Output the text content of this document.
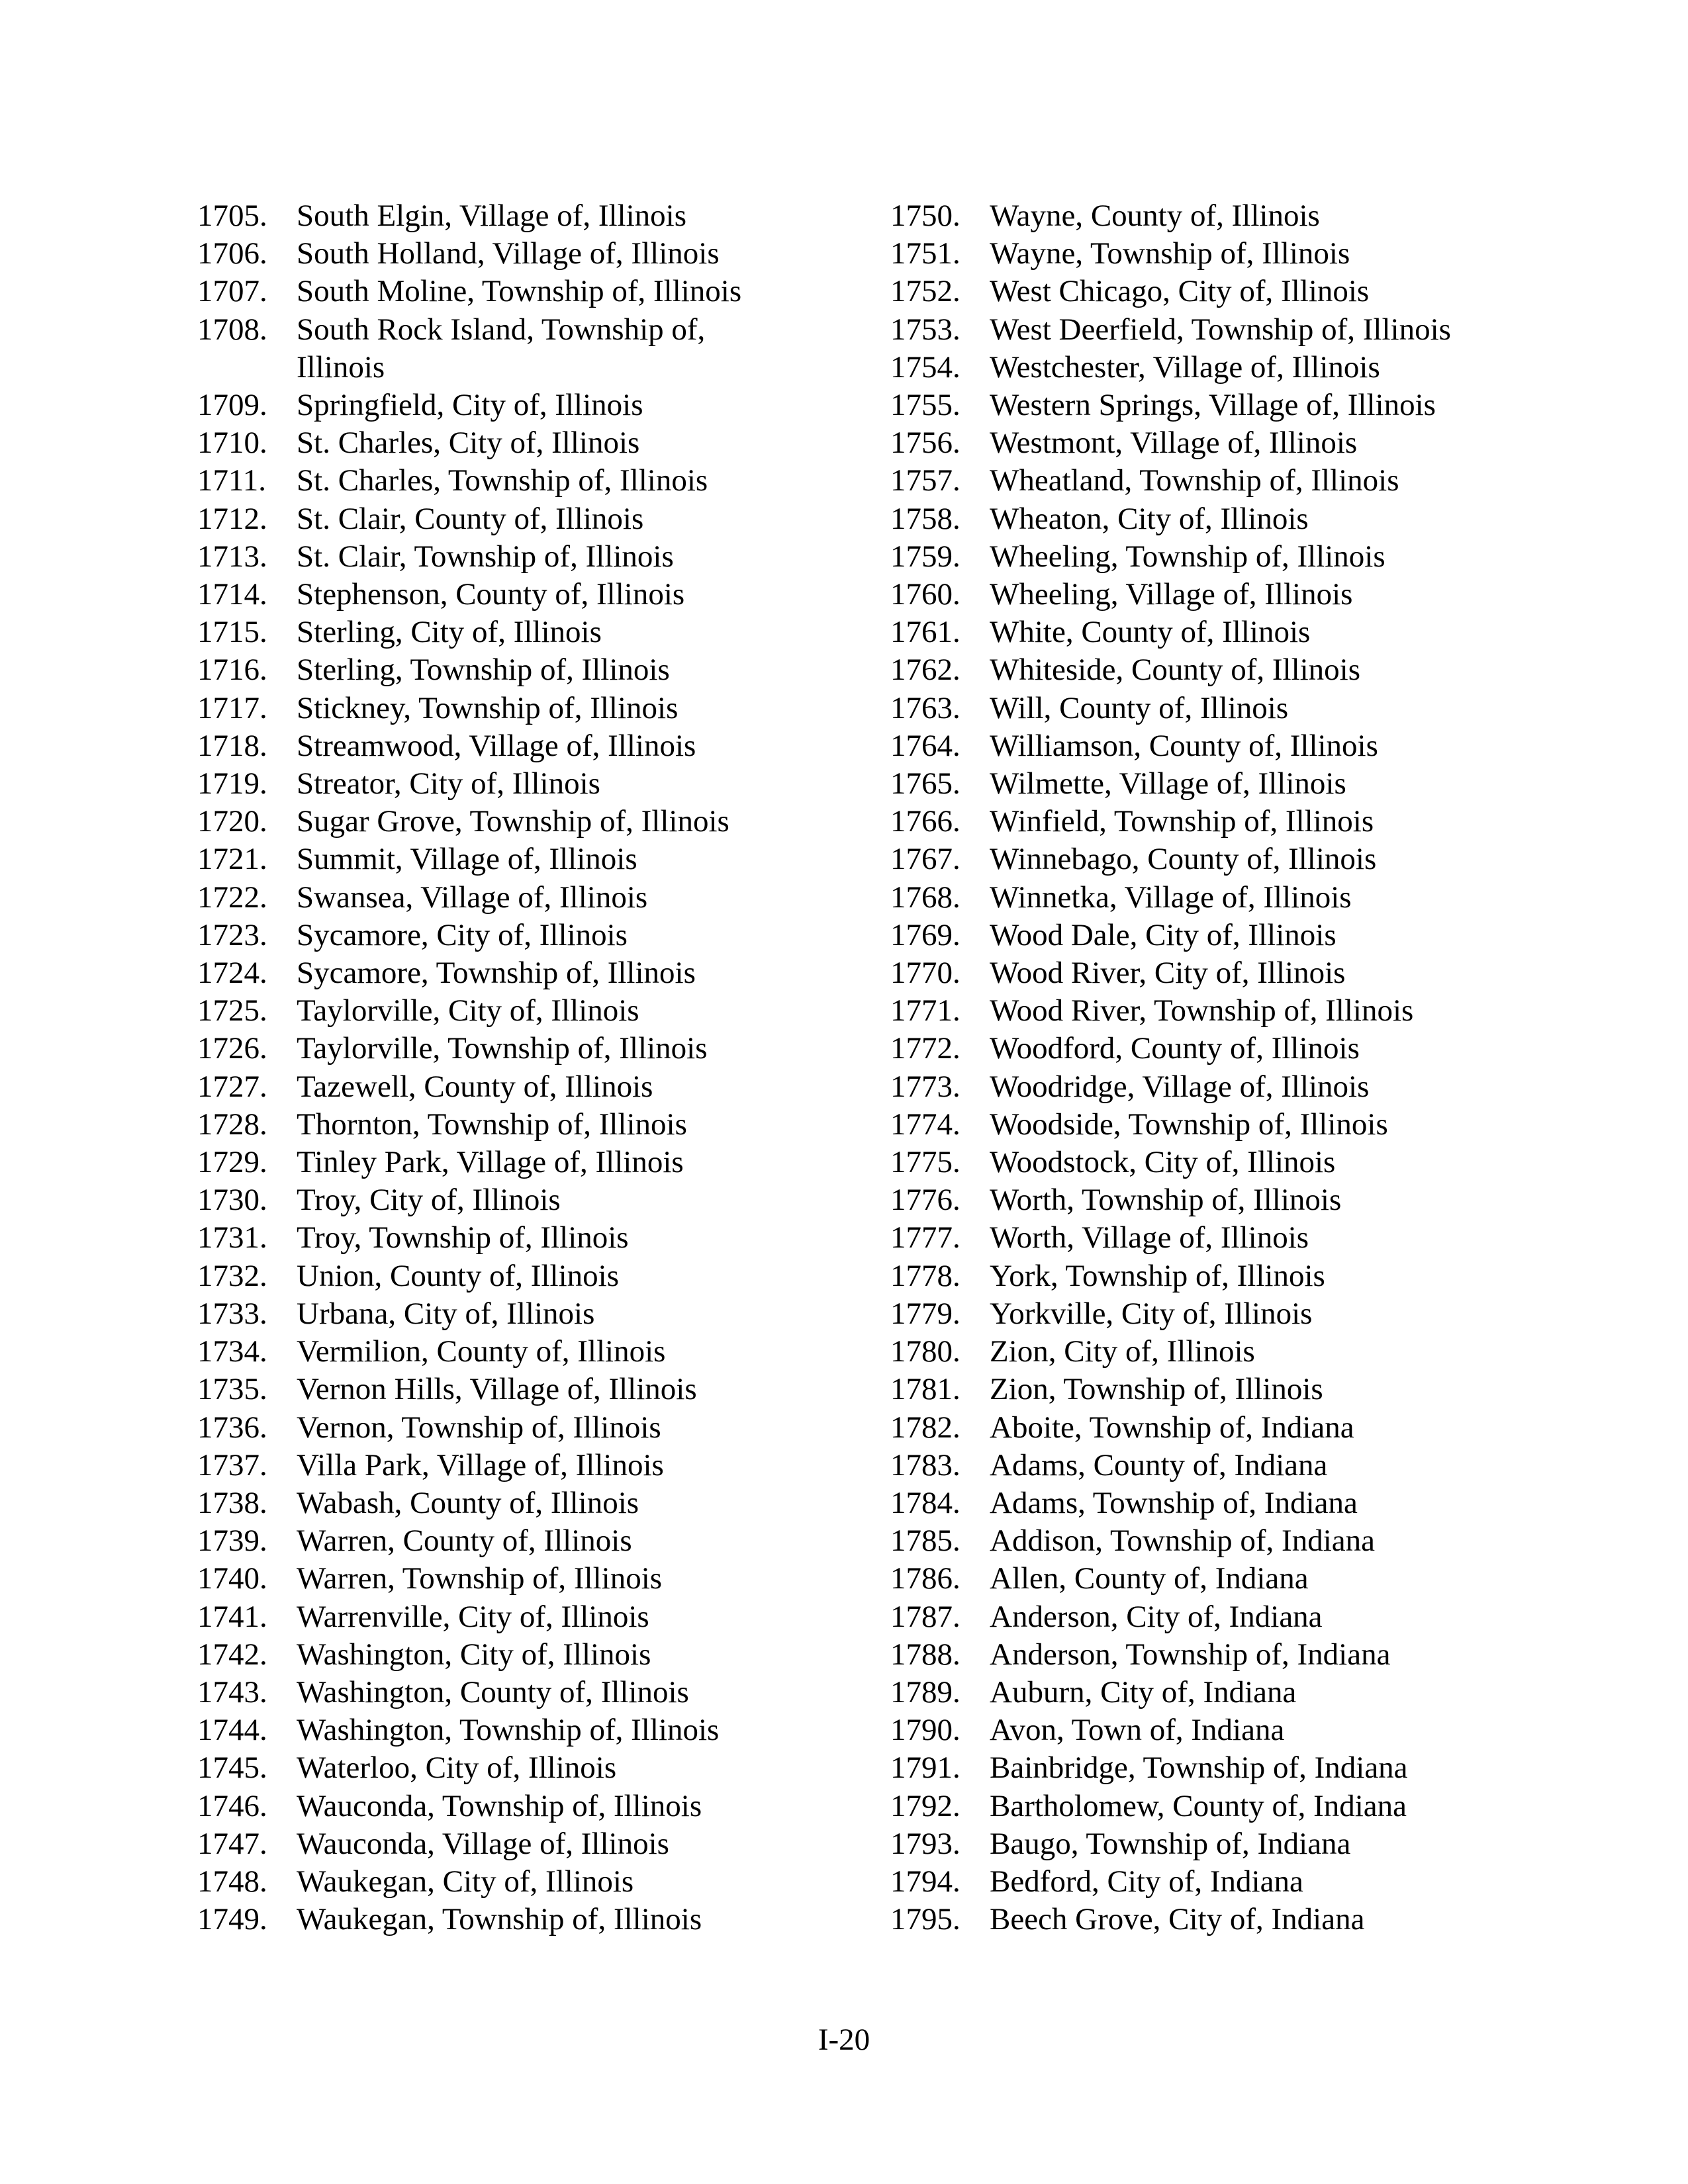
1705. South Elgin, Village of, Illinois
1706. South Holland, Village of, Illinois
1707. South Moline, Township of, Illinois
1708. South Rock Island, Township of, Illinois
1709. Springfield, City of, Illinois
1710. St. Charles, City of, Illinois
1711. St. Charles, Township of, Illinois
1712. St. Clair, County of, Illinois
1713. St. Clair, Township of, Illinois
1714. Stephenson, County of, Illinois
1715. Sterling, City of, Illinois
1716. Sterling, Township of, Illinois
1717. Stickney, Township of, Illinois
1718. Streamwood, Village of, Illinois
1719. Streator, City of, Illinois
1720. Sugar Grove, Township of, Illinois
1721. Summit, Village of, Illinois
1722. Swansea, Village of, Illinois
1723. Sycamore, City of, Illinois
1724. Sycamore, Township of, Illinois
1725. Taylorville, City of, Illinois
1726. Taylorville, Township of, Illinois
1727. Tazewell, County of, Illinois
1728. Thornton, Township of, Illinois
1729. Tinley Park, Village of, Illinois
1730. Troy, City of, Illinois
1731. Troy, Township of, Illinois
1732. Union, County of, Illinois
1733. Urbana, City of, Illinois
1734. Vermilion, County of, Illinois
1735. Vernon Hills, Village of, Illinois
1736. Vernon, Township of, Illinois
1737. Villa Park, Village of, Illinois
1738. Wabash, County of, Illinois
1739. Warren, County of, Illinois
1740. Warren, Township of, Illinois
1741. Warrenville, City of, Illinois
1742. Washington, City of, Illinois
1743. Washington, County of, Illinois
1744. Washington, Township of, Illinois
1745. Waterloo, City of, Illinois
1746. Wauconda, Township of, Illinois
1747. Wauconda, Village of, Illinois
1748. Waukegan, City of, Illinois
1749. Waukegan, Township of, Illinois
1750. Wayne, County of, Illinois
1751. Wayne, Township of, Illinois
1752. West Chicago, City of, Illinois
1753. West Deerfield, Township of, Illinois
1754. Westchester, Village of, Illinois
1755. Western Springs, Village of, Illinois
1756. Westmont, Village of, Illinois
1757. Wheatland, Township of, Illinois
1758. Wheaton, City of, Illinois
1759. Wheeling, Township of, Illinois
1760. Wheeling, Village of, Illinois
1761. White, County of, Illinois
1762. Whiteside, County of, Illinois
1763. Will, County of, Illinois
1764. Williamson, County of, Illinois
1765. Wilmette, Village of, Illinois
1766. Winfield, Township of, Illinois
1767. Winnebago, County of, Illinois
1768. Winnetka, Village of, Illinois
1769. Wood Dale, City of, Illinois
1770. Wood River, City of, Illinois
1771. Wood River, Township of, Illinois
1772. Woodford, County of, Illinois
1773. Woodridge, Village of, Illinois
1774. Woodside, Township of, Illinois
1775. Woodstock, City of, Illinois
1776. Worth, Township of, Illinois
1777. Worth, Village of, Illinois
1778. York, Township of, Illinois
1779. Yorkville, City of, Illinois
1780. Zion, City of, Illinois
1781. Zion, Township of, Illinois
1782. Aboite, Township of, Indiana
1783. Adams, County of, Indiana
1784. Adams, Township of, Indiana
1785. Addison, Township of, Indiana
1786. Allen, County of, Indiana
1787. Anderson, City of, Indiana
1788. Anderson, Township of, Indiana
1789. Auburn, City of, Indiana
1790. Avon, Town of, Indiana
1791. Bainbridge, Township of, Indiana
1792. Bartholomew, County of, Indiana
1793. Baugo, Township of, Indiana
1794. Bedford, City of, Indiana
1795. Beech Grove, City of, Indiana
I-20
